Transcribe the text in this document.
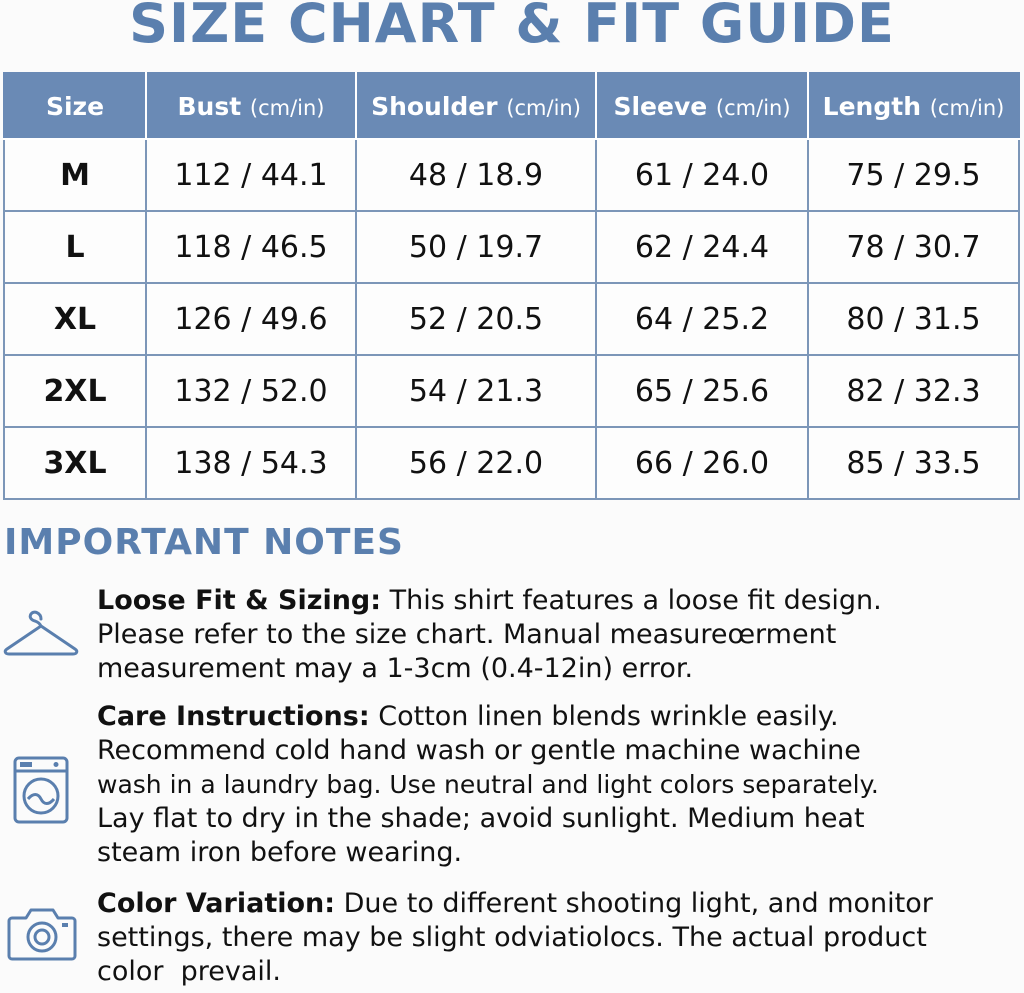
SIZE CHART & FIT GUIDE
Size	Bust (cm/in)	Shoulder (cm/in)	Sleeve (cm/in)	Length (cm/in)
M	112 / 44.1	48 / 18.9	61 / 24.0	75 / 29.5
L	118 / 46.5	50 / 19.7	62 / 24.4	78 / 30.7
XL	126 / 49.6	52 / 20.5	64 / 25.2	80 / 31.5
2XL	132 / 52.0	54 / 21.3	65 / 25.6	82 / 32.3
3XL	138 / 54.3	56 / 22.0	66 / 26.0	85 / 33.5
IMPORTANT NOTES
Loose Fit & Sizing: This shirt features a loose fit design.
Please refer to the size chart. Manual measureœrment
measurement may a 1-3cm (0.4-12in) error.
Care Instructions: Cotton linen blends wrinkle easily.
Recommend cold hand wash or gentle machine wachine
wash in a laundry bag. Use neutral and light colors separately.
Lay flat to dry in the shade; avoid sunlight. Medium heat
steam iron before wearing.
Color Variation: Due to different shooting light, and monitor
settings, there may be slight odviatiolocs. The actual product
color  prevail.
